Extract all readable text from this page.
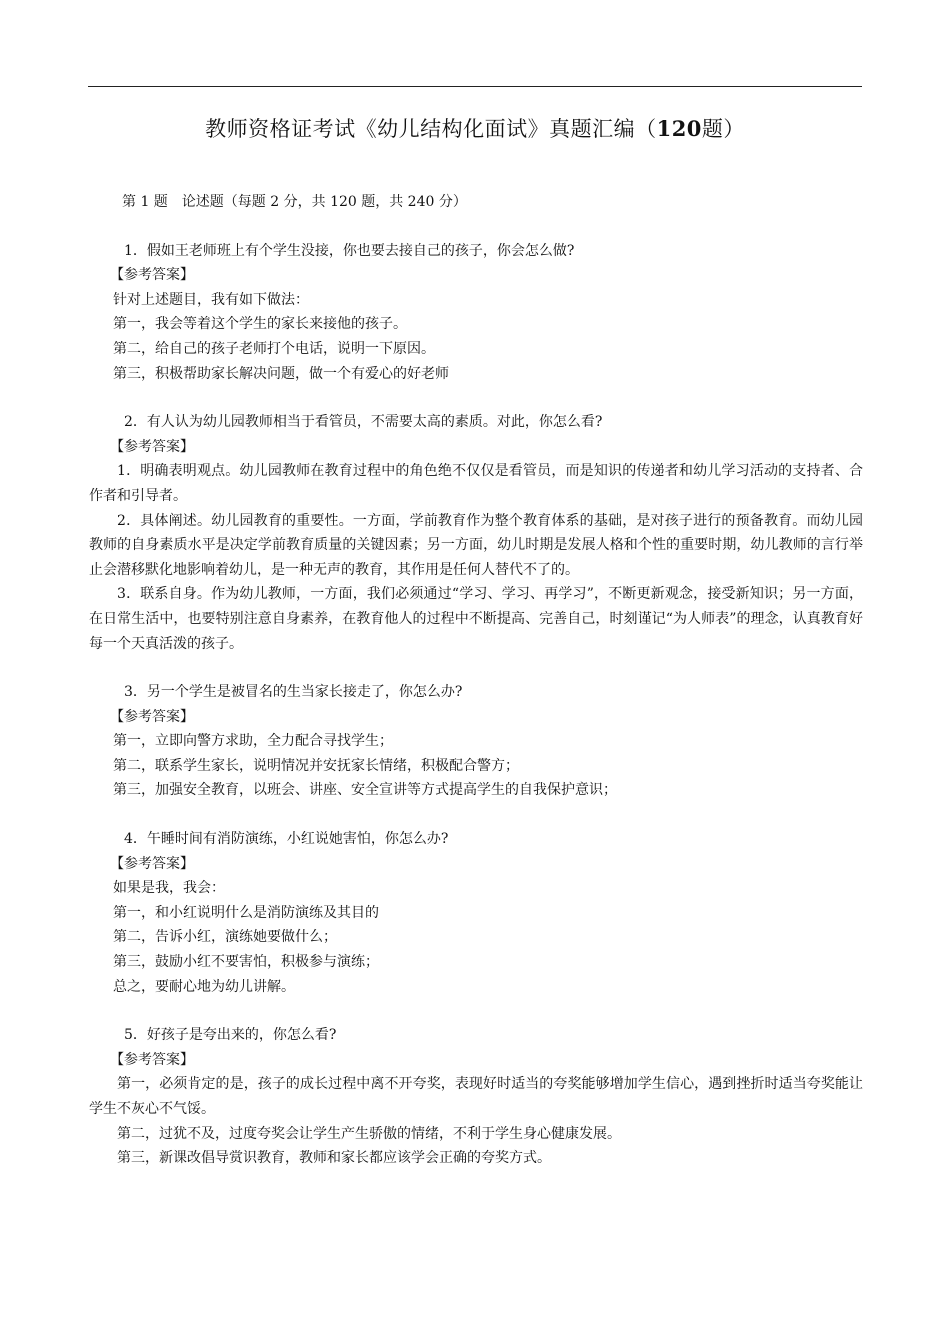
教师资格证考试《幼儿结构化面试》真题汇编（120题）
第 1 题　论述题（每题 2 分，共 120 题，共 240 分）
1．假如王老师班上有个学生没接，你也要去接自己的孩子，你会怎么做?
【参考答案】
针对上述题目，我有如下做法：
第一，我会等着这个学生的家长来接他的孩子。
第二，给自己的孩子老师打个电话，说明一下原因。
第三，积极帮助家长解决问题，做一个有爱心的好老师
2．有人认为幼儿园教师相当于看管员，不需要太高的素质。对此，你怎么看?
【参考答案】
1．明确表明观点。幼儿园教师在教育过程中的角色绝不仅仅是看管员，而是知识的传递者和幼儿学习活动的支持者、合作者和引导者。
2．具体阐述。幼儿园教育的重要性。一方面，学前教育作为整个教育体系的基础，是对孩子进行的预备教育。而幼儿园教师的自身素质水平是决定学前教育质量的关键因素；另一方面，幼儿时期是发展人格和个性的重要时期，幼儿教师的言行举止会潜移默化地影响着幼儿，是一种无声的教育，其作用是任何人替代不了的。
3．联系自身。作为幼儿教师，一方面，我们必须通过“学习、学习、再学习”，不断更新观念，接受新知识；另一方面，在日常生活中，也要特别注意自身素养，在教育他人的过程中不断提高、完善自己，时刻谨记“为人师表”的理念，认真教育好每一个天真活泼的孩子。
3．另一个学生是被冒名的生当家长接走了，你怎么办?
【参考答案】
第一，立即向警方求助，全力配合寻找学生；
第二，联系学生家长，说明情况并安抚家长情绪，积极配合警方；
第三，加强安全教育，以班会、讲座、安全宣讲等方式提高学生的自我保护意识；
4．午睡时间有消防演练，小红说她害怕，你怎么办?
【参考答案】
如果是我，我会：
第一，和小红说明什么是消防演练及其目的
第二，告诉小红，演练她要做什么；
第三，鼓励小红不要害怕，积极参与演练；
总之，要耐心地为幼儿讲解。
5．好孩子是夸出来的，你怎么看?
【参考答案】
第一，必须肯定的是，孩子的成长过程中离不开夸奖，表现好时适当的夸奖能够增加学生信心，遇到挫折时适当夸奖能让学生不灰心不气馁。
第二，过犹不及，过度夸奖会让学生产生骄傲的情绪，不利于学生身心健康发展。
第三，新课改倡导赏识教育，教师和家长都应该学会正确的夸奖方式。
